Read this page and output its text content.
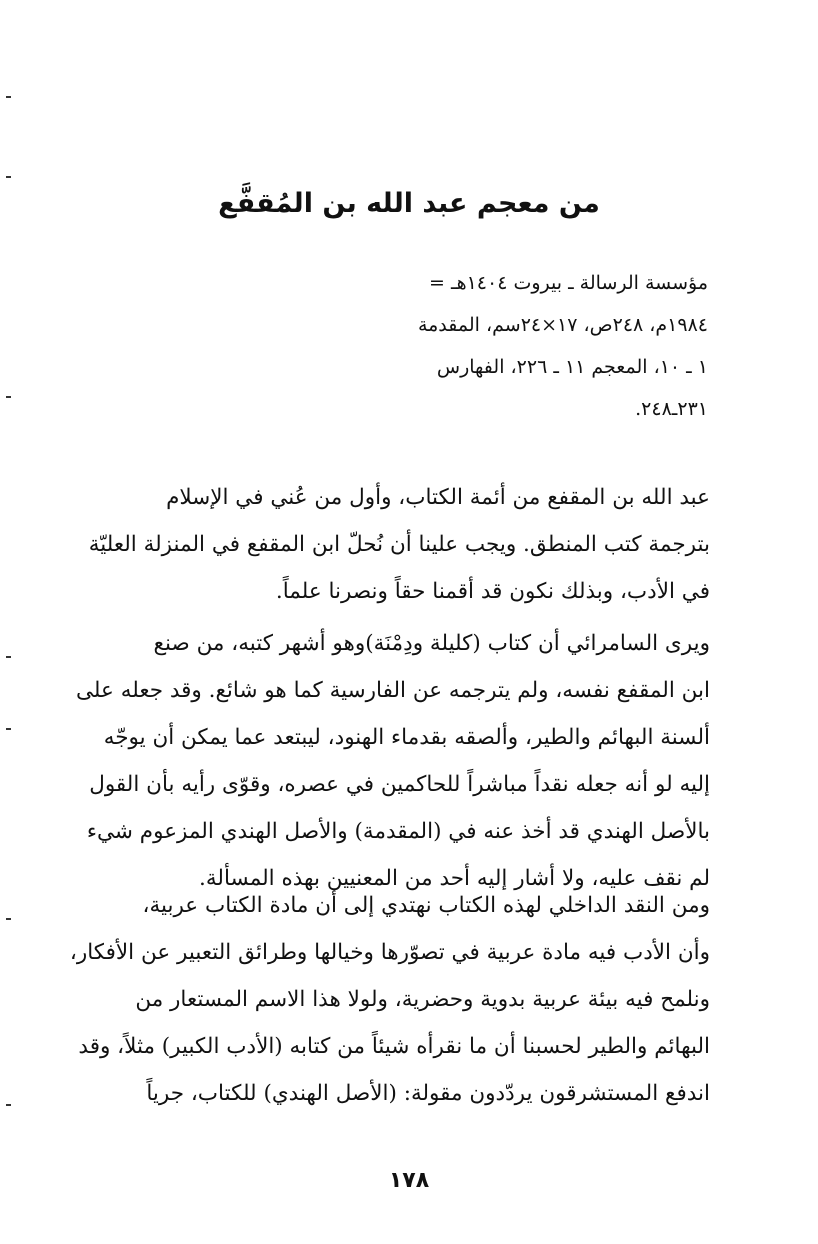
من معجم عبد الله بن المُقفَّع
مؤسسة الرسالة ـ بيروت ١٤٠٤هـ =
١٩٨٤م، ٢٤٨ص، ١٧×٢٤سم، المقدمة
١ ـ ١٠، المعجم ١١ ـ ٢٢٦، الفهارس
٢٣١ـ٢٤٨.
عبد الله بن المقفع من أئمة الكتاب، وأول من عُني في الإسلام
بترجمة كتب المنطق. ويجب علينا أن نُحلّ ابن المقفع في المنزلة العليّة
في الأدب، وبذلك نكون قد أقمنا حقاً ونصرنا علماً.
ويرى السامرائي أن كتاب (كليلة ودِمْنَة)وهو أشهر كتبه، من صنع
ابن المقفع نفسه، ولم يترجمه عن الفارسية كما هو شائع. وقد جعله على
ألسنة البهائم والطير، وألصقه بقدماء الهنود، ليبتعد عما يمكن أن يوجّه
إليه لو أنه جعله نقداً مباشراً للحاكمين في عصره، وقوّى رأيه بأن القول
بالأصل الهندي قد أخذ عنه في (المقدمة) والأصل الهندي المزعوم شيء
لم نقف عليه، ولا أشار إليه أحد من المعنيين بهذه المسألة.
ومن النقد الداخلي لهذه الكتاب نهتدي إلى أن مادة الكتاب عربية،
وأن الأدب فيه مادة عربية في تصوّرها وخيالها وطرائق التعبير عن الأفكار،
ونلمح فيه بيئة عربية بدوية وحضرية، ولولا هذا الاسم المستعار من
البهائم والطير لحسبنا أن ما نقرأه شيئاً من كتابه (الأدب الكبير) مثلاً، وقد
اندفع المستشرقون يردّدون مقولة: (الأصل الهندي) للكتاب، جرياً
١٧٨
